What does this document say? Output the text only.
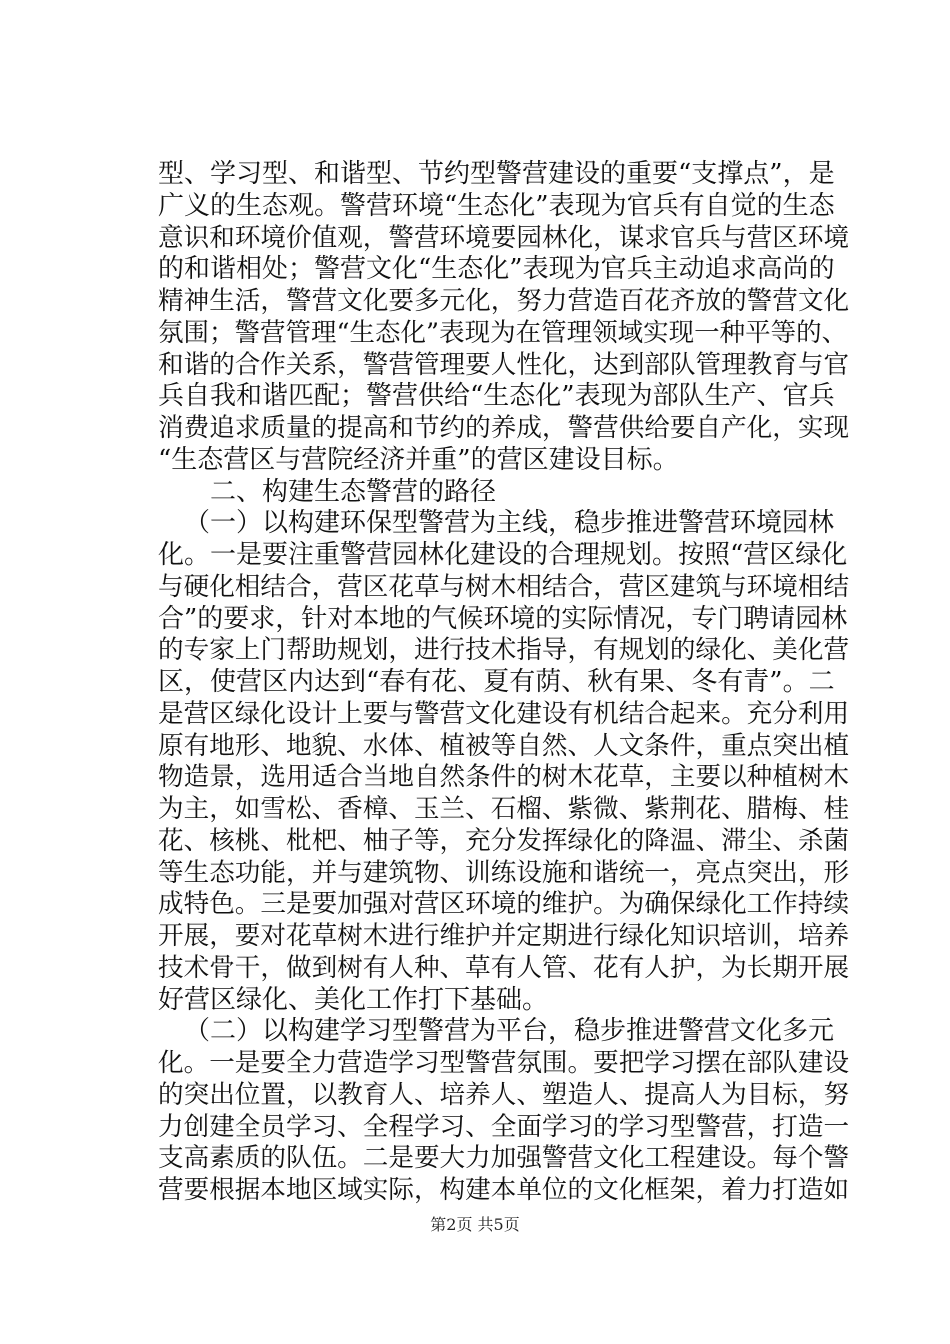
型、学习型、和谐型、节约型警营建设的重要“支撑点”，是
广义的生态观。警营环境“生态化”表现为官兵有自觉的生态
意识和环境价值观，警营环境要园林化，谋求官兵与营区环境
的和谐相处；警营文化“生态化”表现为官兵主动追求高尚的
精神生活，警营文化要多元化，努力营造百花齐放的警营文化
氛围；警营管理“生态化”表现为在管理领域实现一种平等的、
和谐的合作关系，警营管理要人性化，达到部队管理教育与官
兵自我和谐匹配；警营供给“生态化”表现为部队生产、官兵
消费追求质量的提高和节约的养成，警营供给要自产化，实现
“生态营区与营院经济并重”的营区建设目标。
二、构建生态警营的路径
（一）以构建环保型警营为主线，稳步推进警营环境园林
化。一是要注重警营园林化建设的合理规划。按照“营区绿化
与硬化相结合，营区花草与树木相结合，营区建筑与环境相结
合”的要求，针对本地的气候环境的实际情况，专门聘请园林
的专家上门帮助规划，进行技术指导，有规划的绿化、美化营
区，使营区内达到“春有花、夏有荫、秋有果、冬有青”。二
是营区绿化设计上要与警营文化建设有机结合起来。充分利用
原有地形、地貌、水体、植被等自然、人文条件，重点突出植
物造景，选用适合当地自然条件的树木花草，主要以种植树木
为主，如雪松、香樟、玉兰、石榴、紫微、紫荆花、腊梅、桂
花、核桃、枇杷、柚子等，充分发挥绿化的降温、滞尘、杀菌
等生态功能，并与建筑物、训练设施和谐统一，亮点突出，形
成特色。三是要加强对营区环境的维护。为确保绿化工作持续
开展，要对花草树木进行维护并定期进行绿化知识培训，培养
技术骨干，做到树有人种、草有人管、花有人护，为长期开展
好营区绿化、美化工作打下基础。
（二）以构建学习型警营为平台，稳步推进警营文化多元
化。一是要全力营造学习型警营氛围。要把学习摆在部队建设
的突出位置，以教育人、培养人、塑造人、提高人为目标，努
力创建全员学习、全程学习、全面学习的学习型警营，打造一
支高素质的队伍。二是要大力加强警营文化工程建设。每个警
营要根据本地区域实际，构建本单位的文化框架，着力打造如
第2页 共5页
